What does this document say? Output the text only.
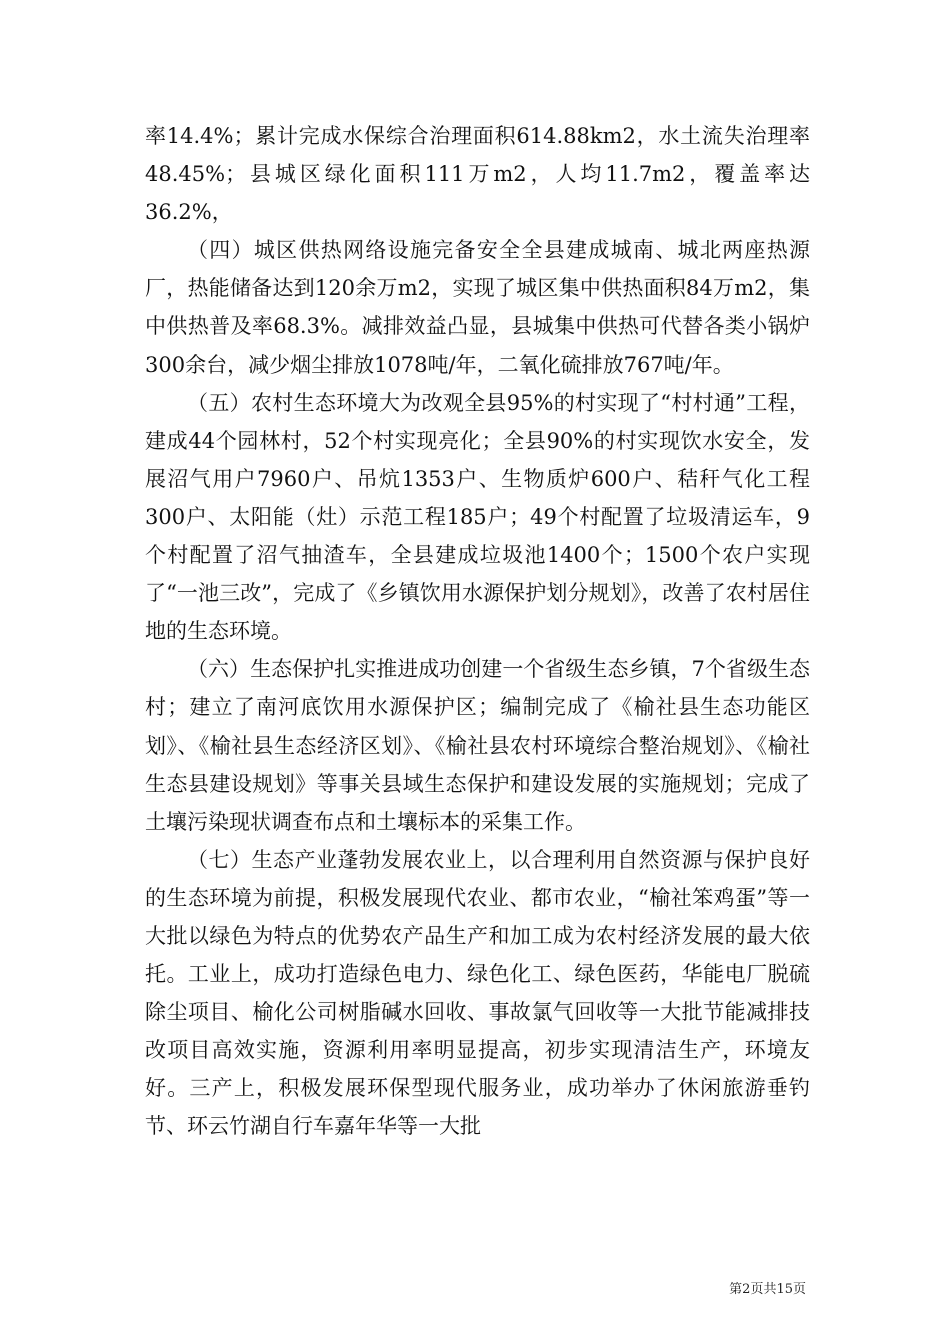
率14.4%；累计完成水保综合治理面积614.88km2，水土流失治理率48.45%；县城区绿化面积111万m2，人均11.7m2，覆盖率达36.2%，

（四）城区供热网络设施完备安全全县建成城南、城北两座热源厂，热能储备达到120余万m2，实现了城区集中供热面积84万m2，集中供热普及率68.3%。减排效益凸显，县城集中供热可代替各类小锅炉300余台，减少烟尘排放1078吨/年，二氧化硫排放767吨/年。

（五）农村生态环境大为改观全县95%的村实现了“村村通”工程，建成44个园林村，52个村实现亮化；全县90%的村实现饮水安全，发展沼气用户7960户、吊炕1353户、生物质炉600户、秸秆气化工程300户、太阳能（灶）示范工程185户；49个村配置了垃圾清运车，9个村配置了沼气抽渣车，全县建成垃圾池1400个；1500个农户实现了“一池三改”，完成了《乡镇饮用水源保护划分规划》，改善了农村居住地的生态环境。

（六）生态保护扎实推进成功创建一个省级生态乡镇，7个省级生态村；建立了南河底饮用水源保护区；编制完成了《榆社县生态功能区划》、《榆社县生态经济区划》、《榆社县农村环境综合整治规划》、《榆社生态县建设规划》等事关县域生态保护和建设发展的实施规划；完成了土壤污染现状调查布点和土壤标本的采集工作。

（七）生态产业蓬勃发展农业上，以合理利用自然资源与保护良好的生态环境为前提，积极发展现代农业、都市农业，“榆社笨鸡蛋”等一大批以绿色为特点的优势农产品生产和加工成为农村经济发展的最大依托。工业上，成功打造绿色电力、绿色化工、绿色医药，华能电厂脱硫除尘项目、榆化公司树脂碱水回收、事故氯气回收等一大批节能减排技改项目高效实施，资源利用率明显提高，初步实现清洁生产，环境友好。三产上，积极发展环保型现代服务业，成功举办了休闲旅游垂钓节、环云竹湖自行车嘉年华等一大批

第2页共15页
